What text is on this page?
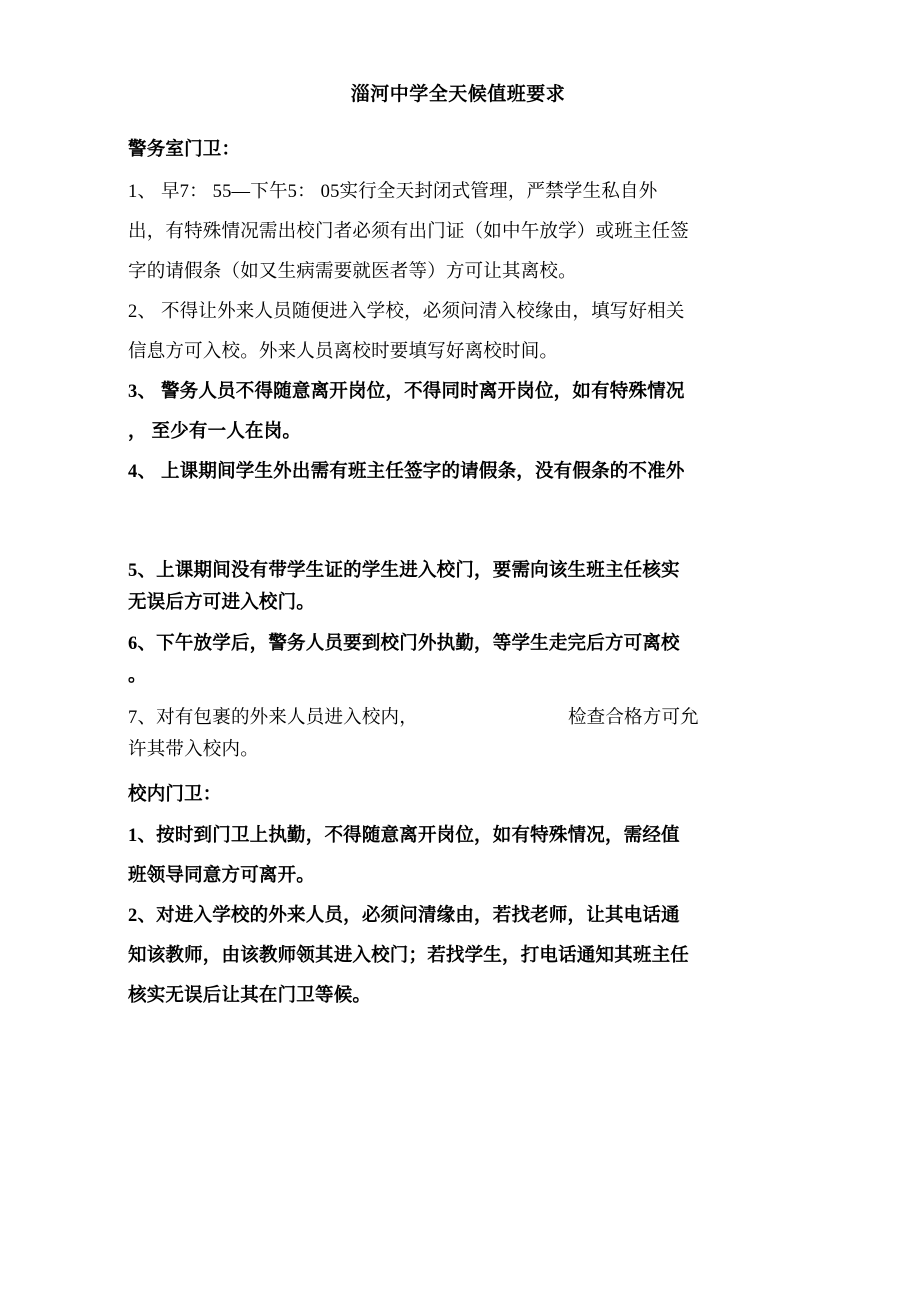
淄河中学全天候值班要求

警务室门卫：

1、 早7： 55—下午5： 05实行全天封闭式管理，严禁学生私自外

出，有特殊情况需出校门者必须有出门证（如中午放学）或班主任签

字的请假条（如又生病需要就医者等）方可让其离校。

2、 不得让外来人员随便进入学校，必须问清入校缘由，填写好相关

信息方可入校。外来人员离校时要填写好离校时间。

3、 警务人员不得随意离开岗位，不得同时离开岗位，如有特殊情况

， 至少有一人在岗。

4、 上课期间学生外出需有班主任签字的请假条，没有假条的不准外

5、上课期间没有带学生证的学生进入校门，要需向该生班主任核实

无误后方可进入校门。

6、下午放学后，警务人员要到校门外执勤，等学生走完后方可离校

。

7、对有包裹的外来人员进入校内，	检查合格方可允

许其带入校内。

校内门卫：

1、按时到门卫上执勤，不得随意离开岗位，如有特殊情况，需经值

班领导同意方可离开。

2、对进入学校的外来人员，必须问清缘由，若找老师，让其电话通

知该教师，由该教师领其进入校门；若找学生，打电话通知其班主任

核实无误后让其在门卫等候。
